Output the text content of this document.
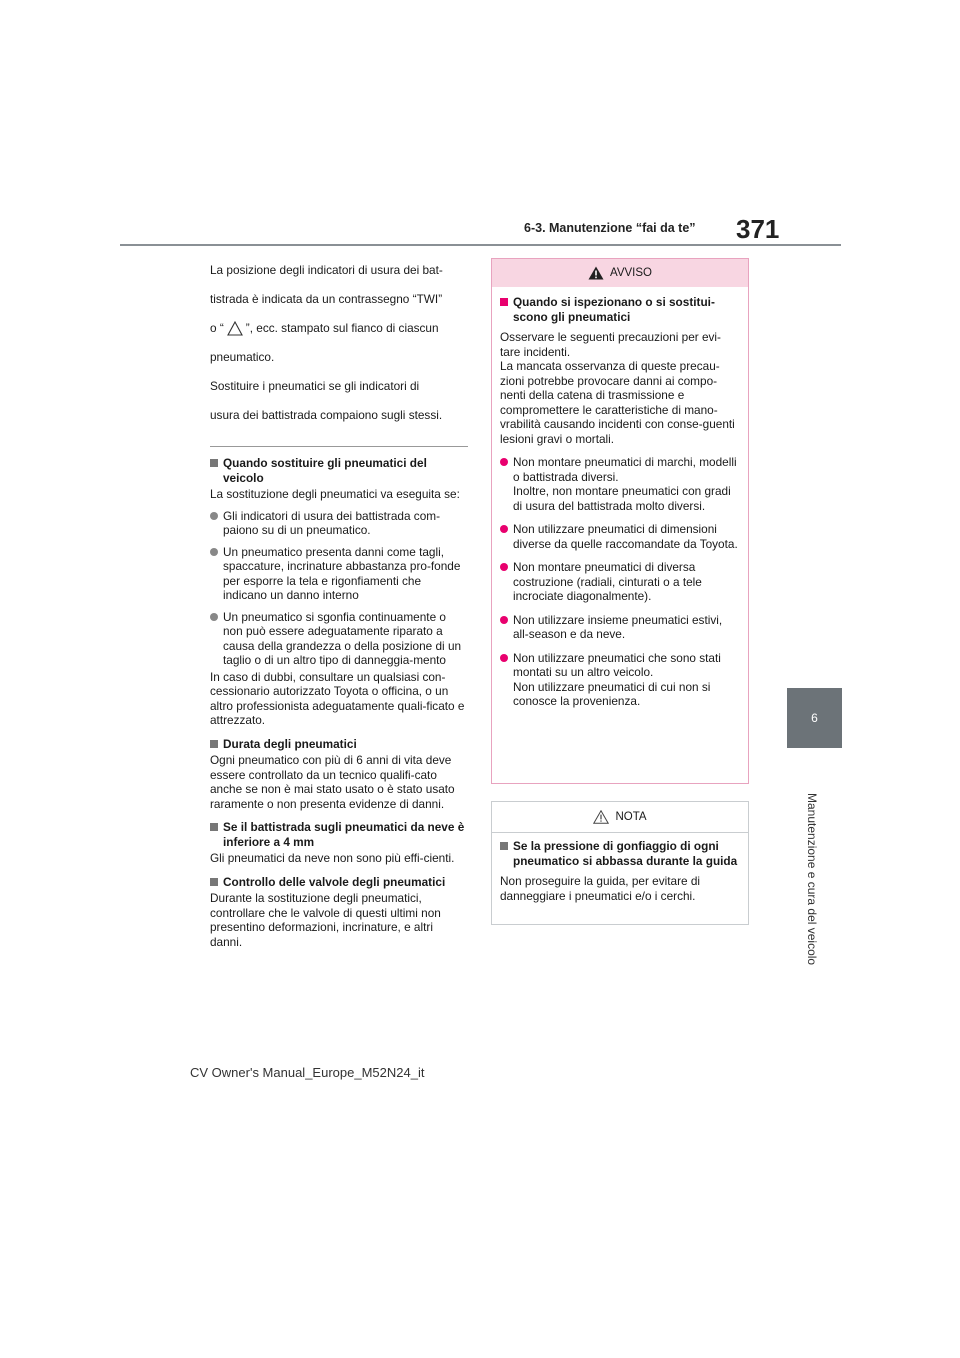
6-3. Manutenzione “fai da te” 371
6
Manutenzione e cura del veicolo

La posizione degli indicatori di usura dei bat-

tistrada è indicata da un contrassegno “TWI”

o “ ”, ecc. stampato sul fianco di ciascun

pneumatico.

Sostituire i pneumatici se gli indicatori di

usura dei battistrada compaiono sugli stessi.

Quando sostituire gli pneumatici del veicolo

La sostituzione degli pneumatici va eseguita se:

Gli indicatori di usura dei battistrada com-paiono su di un pneumatico.
Un pneumatico presenta danni come tagli, spaccature, incrinature abbastanza pro-fonde per esporre la tela e rigonfiamenti che indicano un danno interno
Un pneumatico si sgonfia continuamente o non può essere adeguatamente riparato a causa della grandezza o della posizione di un taglio o di un altro tipo di danneggia-mento

In caso di dubbi, consultare un qualsiasi con-cessionario autorizzato Toyota o officina, o un altro professionista adeguatamente quali-ficato e attrezzato.

Durata degli pneumatici

Ogni pneumatico con più di 6 anni di vita deve essere controllato da un tecnico qualifi-cato anche se non è mai stato usato o è stato usato raramente o non presenta evidenze di danni.

Se il battistrada sugli pneumatici da neve è inferiore a 4 mm

Gli pneumatici da neve non sono più effi-cienti.

Controllo delle valvole degli pneumatici

Durante la sostituzione degli pneumatici, controllare che le valvole di questi ultimi non presentino deformazioni, incrinature, e altri danni.

AVVISO
Quando si ispezionano o si sostitui-scono gli pneumatici

Osservare le seguenti precauzioni per evi-tare incidenti.

La mancata osservanza di queste precau-zioni potrebbe provocare danni ai compo-nenti della catena di trasmissione e compromettere le caratteristiche di mano-vrabilità causando incidenti con conse-guenti lesioni gravi o mortali.

Non montare pneumatici di marchi, modelli o battistrada diversi.
Inoltre, non montare pneumatici con gradi di usura del battistrada molto diversi.
Non utilizzare pneumatici di dimensioni diverse da quelle raccomandate da Toyota.
Non montare pneumatici di diversa costruzione (radiali, cinturati o a tele incrociate diagonalmente).
Non utilizzare insieme pneumatici estivi, all-season e da neve.
Non utilizzare pneumatici che sono stati montati su un altro veicolo.
Non utilizzare pneumatici di cui non si conosce la provenienza.
NOTA
Se la pressione di gonfiaggio di ogni pneumatico si abbassa durante la guida

Non proseguire la guida, per evitare di danneggiare i pneumatici e/o i cerchi.

CV Owner's Manual_Europe_M52N24_it
